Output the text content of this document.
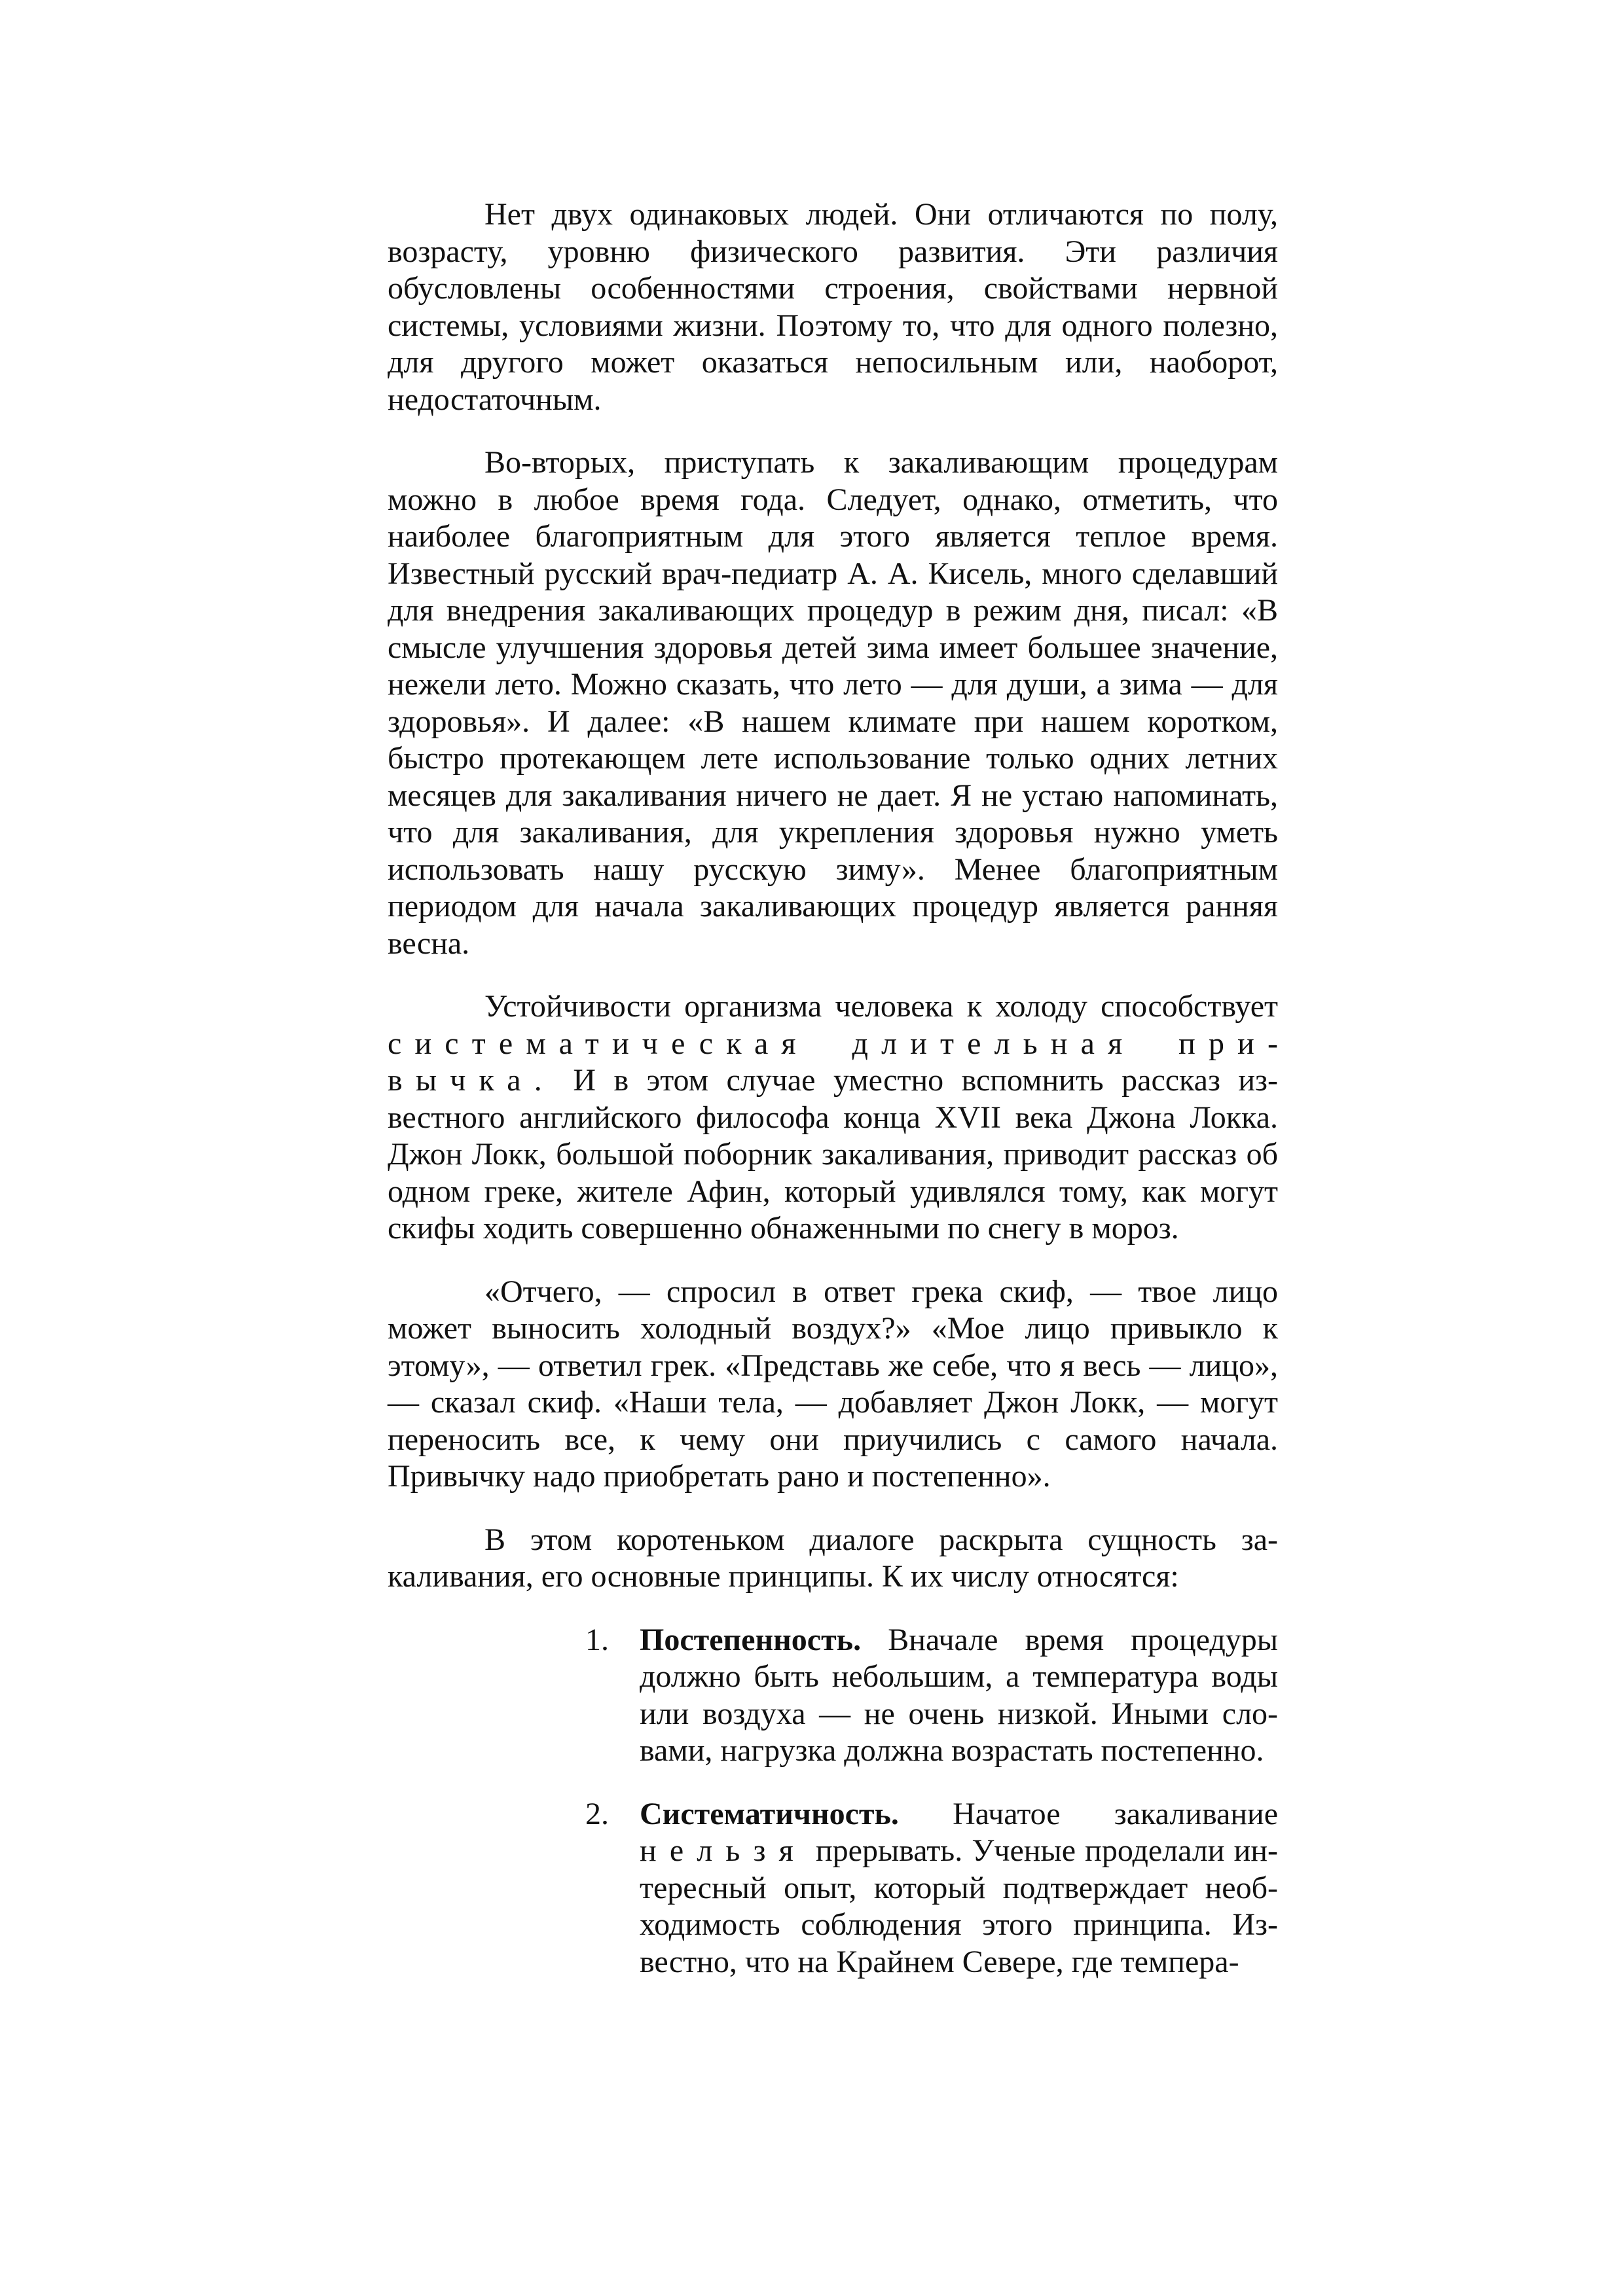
Нет двух одинаковых людей. Они отличаются по полу, возрасту, уровню физического развития. Эти различия обусловлены особенностями строения, свойствами нервной системы, условиями жизни. Поэтому то, что для одного полезно, для другого может оказаться непосильным или, наоборот, недостаточным.

Во-вторых, приступать к закаливающим процедурам можно в любое время года. Следует, однако, отметить, что наиболее благоприятным для этого является теплое время. Известный русский врач-педиатр А. А. Кисель, много сделавший для внедрения закаливающих процедур в режим дня, писал: «В смысле улучшения здоровья детей зима имеет большее значение, нежели лето. Можно сказать, что лето — для души, а зима — для здоровья». И далее: «В нашем климате при нашем коротком, быстро протекающем лете использование только одних летних месяцев для закаливания ничего не дает. Я не устаю напоминать, что для закаливания, для укрепления здоровья нужно уметь использовать нашу русскую зиму». Менее благоприятным периодом для начала закаливающих процедур является ранняя весна.

Устойчивости организма человека к холоду способствует систематическая длительная привычка. И в этом случае уместно вспомнить рассказ известного английского философа конца XVII века Джона Локка. Джон Локк, большой поборник закаливания, приводит рассказ об одном греке, жителе Афин, который удивлялся тому, как могут скифы ходить совершенно обнаженными по снегу в мороз.

«Отчего, — спросил в ответ грека скиф, — твое лицо может выносить холодный воздух?» «Мое лицо привыкло к этому», — ответил грек. «Представь же себе, что я весь — лицо», — сказал скиф. «Наши тела, — добавляет Джон Локк, — могут переносить все, к чему они приучились с самого начала. Привычку надо приобретать рано и постепенно».

В этом коротеньком диалоге раскрыта сущность закаливания, его основные принципы. К их числу относятся:

1. Постепенность. Вначале время процедуры должно быть небольшим, а температура воды или воздуха — не очень низкой. Иными словами, нагрузка должна возрастать постепенно.
2. Систематичность. Начатое закаливание нельзя прерывать. Ученые проделали интересный опыт, который подтверждает необходимость соблюдения этого принципа. Известно, что на Крайнем Севере, где темпера-
